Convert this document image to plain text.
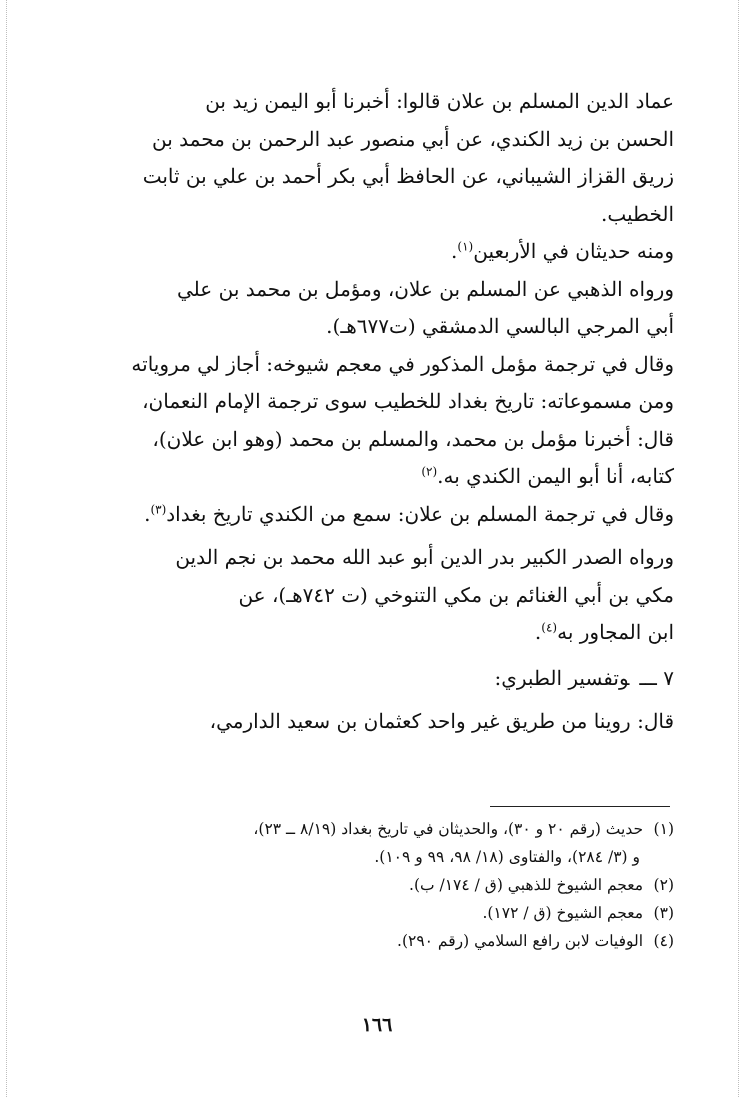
عماد الدين المسلم بن علان قالوا: أخبرنا أبو اليمن زيد بن

الحسن بن زيد الكندي، عن أبي منصور عبد الرحمن بن محمد بن

زريق القزاز الشيباني، عن الحافظ أبي بكر أحمد بن علي بن ثابت

الخطيب.

ومنه حديثان في الأربعين$^{(١)}$.

ورواه الذهبي عن المسلم بن علان، ومؤمل بن محمد بن علي

أبي المرجي البالسي الدمشقي (ت٦٧٧هـ).

وقال في ترجمة مؤمل المذكور في معجم شيوخه: أجاز لي مروياته

ومن مسموعاته: تاريخ بغداد للخطيب سوى ترجمة الإمام النعمان،

قال: أخبرنا مؤمل بن محمد، والمسلم بن محمد (وهو ابن علان)،

كتابه، أنا أبو اليمن الكندي به.$^{(٢)}$

وقال في ترجمة المسلم بن علان: سمع من الكندي تاريخ بغداد$^{(٣)}$.

ورواه الصدر الكبير بدر الدين أبو عبد الله محمد بن نجم الدين

مكي بن أبي الغنائم بن مكي التنوخي (ت ٧٤٢هـ)، عن

ابن المجاور به$^{(٤)}$.

٧ ـــوتفسير الطبري:

قال: روينا من طريق غير واحد كعثمان بن سعيد الدارمي،

(١) حديث (رقم ٢٠ و ٣٠)، والحديثان في تاريخ بغداد (٨/١٩ ــ ٢٣)،

و (٣/ ٢٨٤)، والفتاوى (١٨/ ٩٨، ٩٩ و ١٠٩).

(٢) معجم الشيوخ للذهبي (ق / ١٧٤/ ب).

(٣) معجم الشيوخ (ق / ١٧٢).

(٤) الوفيات لابن رافع السلامي (رقم ٢٩٠).

١٦٦
